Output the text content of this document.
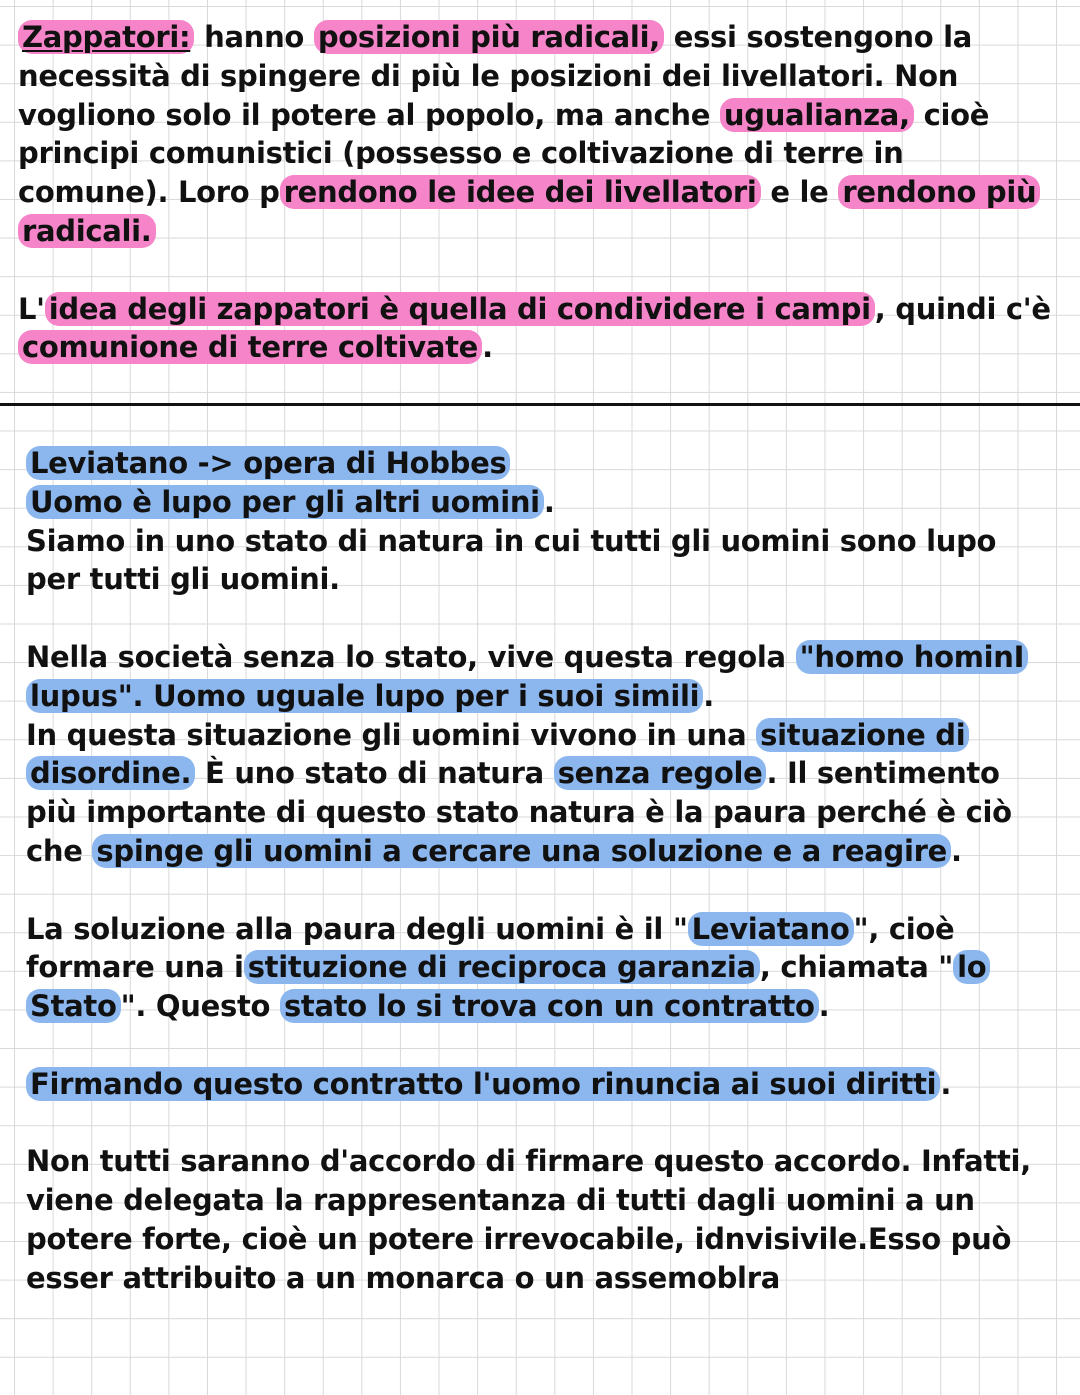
Zappatori: hanno posizioni più radicali, essi sostengono la necessità di spingere di più le posizioni dei livellatori. Non vogliono solo il potere al popolo, ma anche ugualianza, cioè principi comunistici (possesso e coltivazione di terre in comune). Loro p rendono le idee dei livellatori e le rendono più radicali.

L' idea degli zappatori è quella di condividere i campi , quindi c'è comunione di terre coltivate .

Leviatano -> opera di Hobbes
Uomo è lupo per gli altri uomini .
Siamo in uno stato di natura in cui tutti gli uomini sono lupo per tutti gli uomini.

Nella società senza lo stato, vive questa regola "homo hominI lupus". Uomo uguale lupo per i suoi simili .
In questa situazione gli uomini vivono in una situazione di disordine. È uno stato di natura senza regole . Il sentimento più importante di questo stato natura è la paura perché è ciò che spinge gli uomini a cercare una soluzione e a reagire .

La soluzione alla paura degli uomini è il " Leviatano ", cioè formare una i stituzione di reciproca garanzia , chiamata " lo Stato ". Questo stato lo si trova con un contratto .

Firmando questo contratto l'uomo rinuncia ai suoi diritti .

Non tutti saranno d'accordo di firmare questo accordo. Infatti, viene delegata la rappresentanza di tutti dagli uomini a un potere forte, cioè un potere irrevocabile, idnvisivile.Esso può esser attribuito a un monarca o un assemoblra
